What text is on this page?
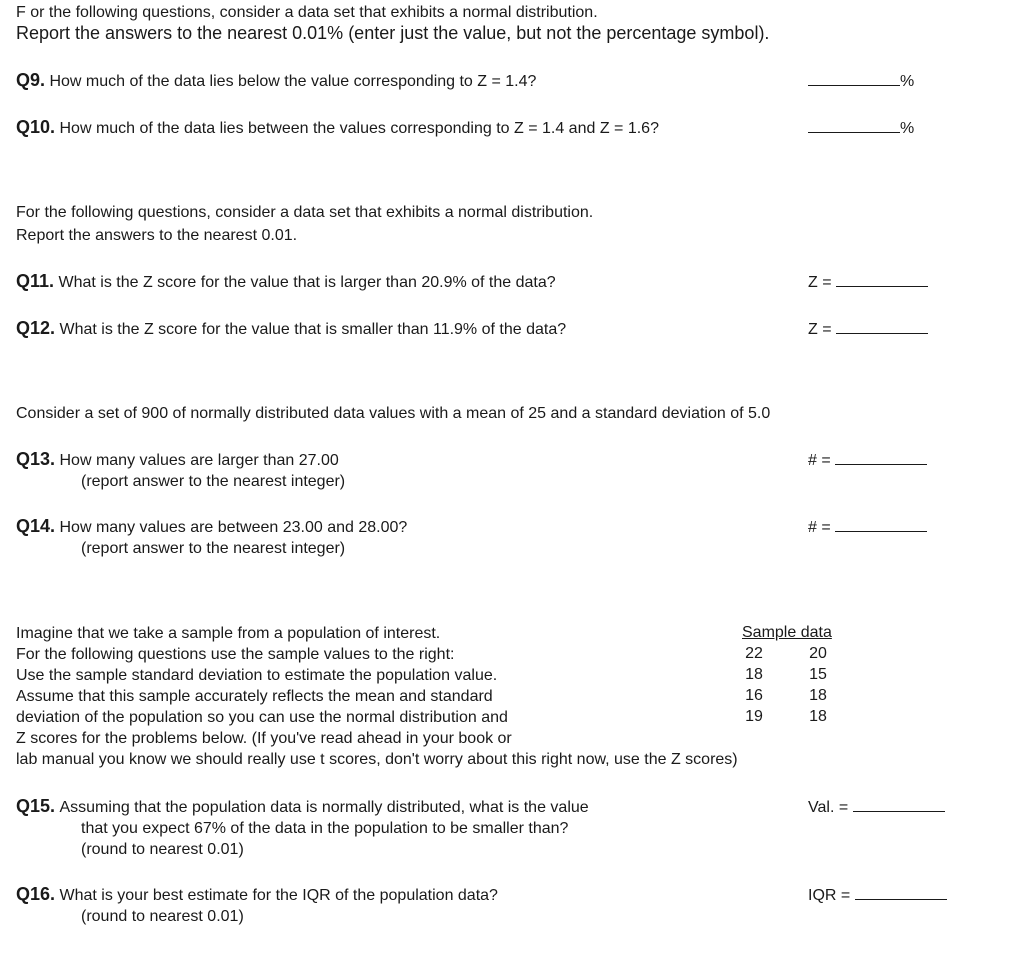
F or the following questions, consider a data set that exhibits a normal distribution.
Report the answers to the nearest 0.01% (enter just the value, but not the percentage symbol).
Q9. How much of the data lies below the value corresponding to Z = 1.4?	%
Q10. How much of the data lies between the values corresponding to Z = 1.4 and Z = 1.6?	%
For the following questions, consider a data set that exhibits a normal distribution.
Report the answers to the nearest 0.01.
Q11. What is the Z score for the value that is larger than 20.9% of the data?	Z =
Q12. What is the Z score for the value that is smaller than 11.9% of the data?	Z =
Consider a set of 900 of normally distributed data values with a mean of 25 and a standard deviation of 5.0
Q13. How many values are larger than 27.00
(report answer to the nearest integer)
# =
Q14. How many values are between 23.00 and 28.00?
(report answer to the nearest integer)
# =
Imagine that we take a sample from a population of interest.
For the following questions use the sample values to the right:
Use the sample standard deviation to estimate the population value.
Assume that this sample accurately reflects the mean and standard
deviation of the population so you can use the normal distribution and
Z scores for the problems below. (If you've read ahead in your book or
lab manual you know we should really use t scores, don't worry about this right now, use the Z scores)
Sample data
22	20
18	15
16	18
19	18
Q15. Assuming that the population data is normally distributed, what is the value
that you expect 67% of the data in the population to be smaller than?
(round to nearest 0.01)
Val. =
Q16. What is your best estimate for the IQR of the population data?
(round to nearest 0.01)
IQR =
